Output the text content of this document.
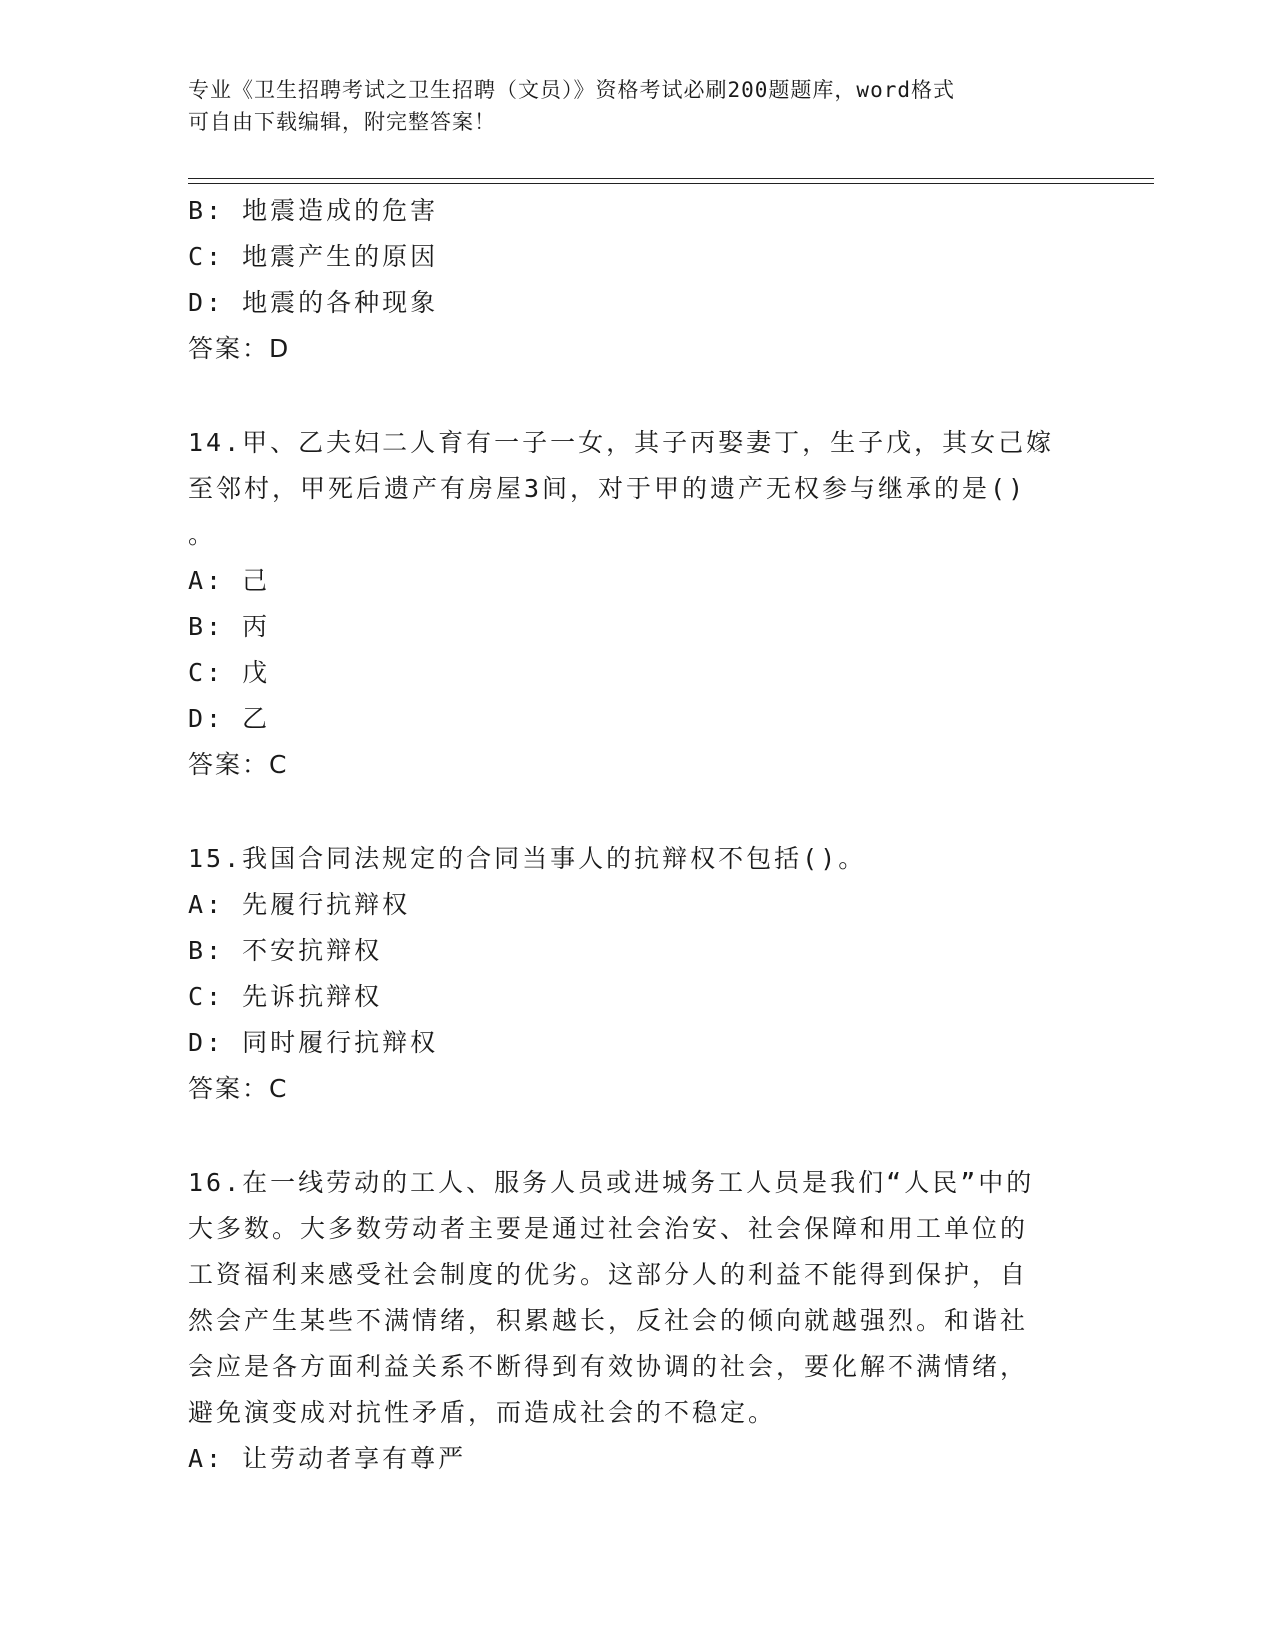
专业《卫生招聘考试之卫生招聘（文员）》资格考试必刷200题题库，word格式
可自由下载编辑，附完整答案！
B: 地震造成的危害
C: 地震产生的原因
D: 地震的各种现象
答案：D
14.甲、乙夫妇二人育有一子一女，其子丙娶妻丁，生子戊，其女己嫁
至邻村，甲死后遗产有房屋3间，对于甲的遗产无权参与继承的是()
。
A: 己
B: 丙
C: 戊
D: 乙
答案：C
15.我国合同法规定的合同当事人的抗辩权不包括()。
A: 先履行抗辩权
B: 不安抗辩权
C: 先诉抗辩权
D: 同时履行抗辩权
答案：C
16.在一线劳动的工人、服务人员或进城务工人员是我们“人民”中的
大多数。大多数劳动者主要是通过社会治安、社会保障和用工单位的
工资福利来感受社会制度的优劣。这部分人的利益不能得到保护，自
然会产生某些不满情绪，积累越长，反社会的倾向就越强烈。和谐社
会应是各方面利益关系不断得到有效协调的社会，要化解不满情绪，
避免演变成对抗性矛盾，而造成社会的不稳定。
A: 让劳动者享有尊严
